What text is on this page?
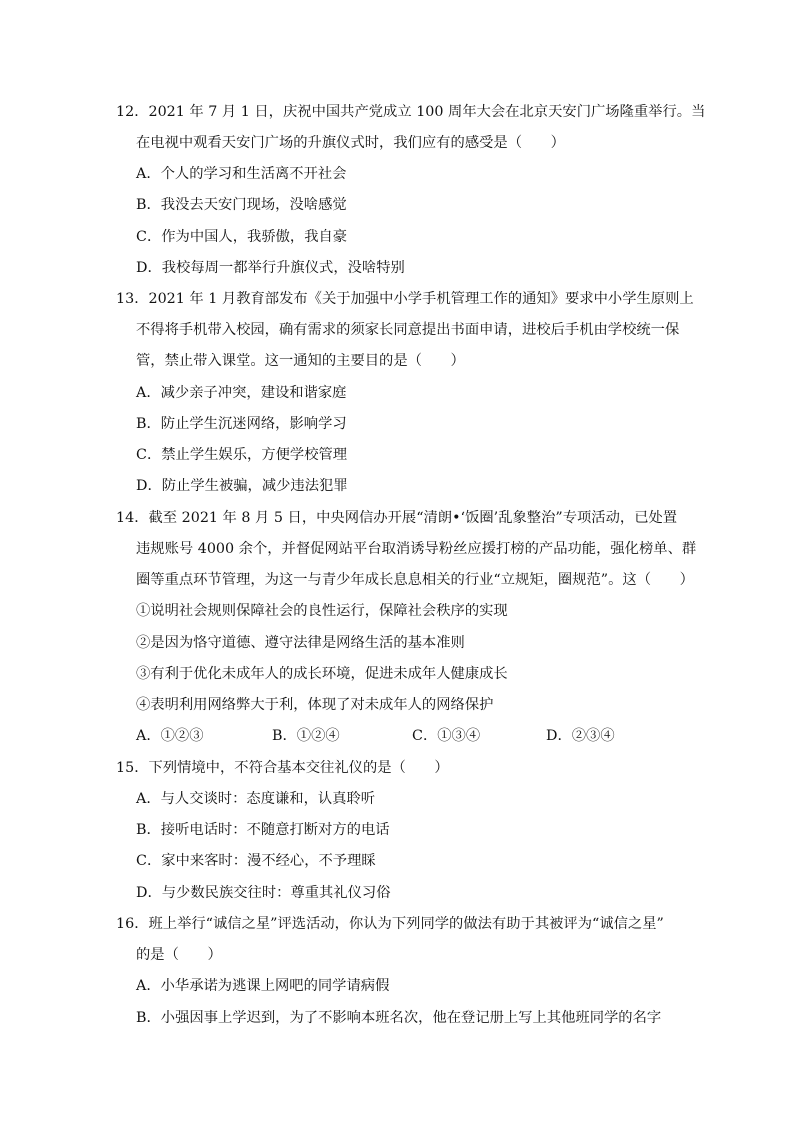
12．2021 年 7 月 1 日，庆祝中国共产党成立 100 周年大会在北京天安门广场隆重举行。当
在电视中观看天安门广场的升旗仪式时，我们应有的感受是（　　）
A．个人的学习和生活离不开社会
B．我没去天安门现场，没啥感觉
C．作为中国人，我骄傲，我自豪
D．我校每周一都举行升旗仪式，没啥特别
13．2021 年 1 月教育部发布《关于加强中小学手机管理工作的通知》要求中小学生原则上
不得将手机带入校园，确有需求的须家长同意提出书面申请，进校后手机由学校统一保
管，禁止带入课堂。这一通知的主要目的是（　　）
A．减少亲子冲突，建设和谐家庭
B．防止学生沉迷网络，影响学习
C．禁止学生娱乐，方便学校管理
D．防止学生被骗，减少违法犯罪
14．截至 2021 年 8 月 5 日，中央网信办开展“清朗•‘饭圈’乱象整治”专项活动，已处置
违规账号 4000 余个，并督促网站平台取消诱导粉丝应援打榜的产品功能，强化榜单、群
圈等重点环节管理，为这一与青少年成长息息相关的行业“立规矩，圈规范”。这（　　）
①说明社会规则保障社会的良性运行，保障社会秩序的实现
②是因为恪守道德、遵守法律是网络生活的基本准则
③有利于优化未成年人的成长环境，促进未成年人健康成长
④表明利用网络弊大于利，体现了对未成年人的网络保护
A．①②③	B．①②④	C．①③④	D．②③④
15．下列情境中，不符合基本交往礼仪的是（　　）
A．与人交谈时：态度谦和，认真聆听
B．接听电话时：不随意打断对方的电话
C．家中来客时：漫不经心，不予理睬
D．与少数民族交往时：尊重其礼仪习俗
16．班上举行“诚信之星”评选活动，你认为下列同学的做法有助于其被评为“诚信之星”
的是（　　）
A．小华承诺为逃课上网吧的同学请病假
B．小强因事上学迟到，为了不影响本班名次，他在登记册上写上其他班同学的名字
